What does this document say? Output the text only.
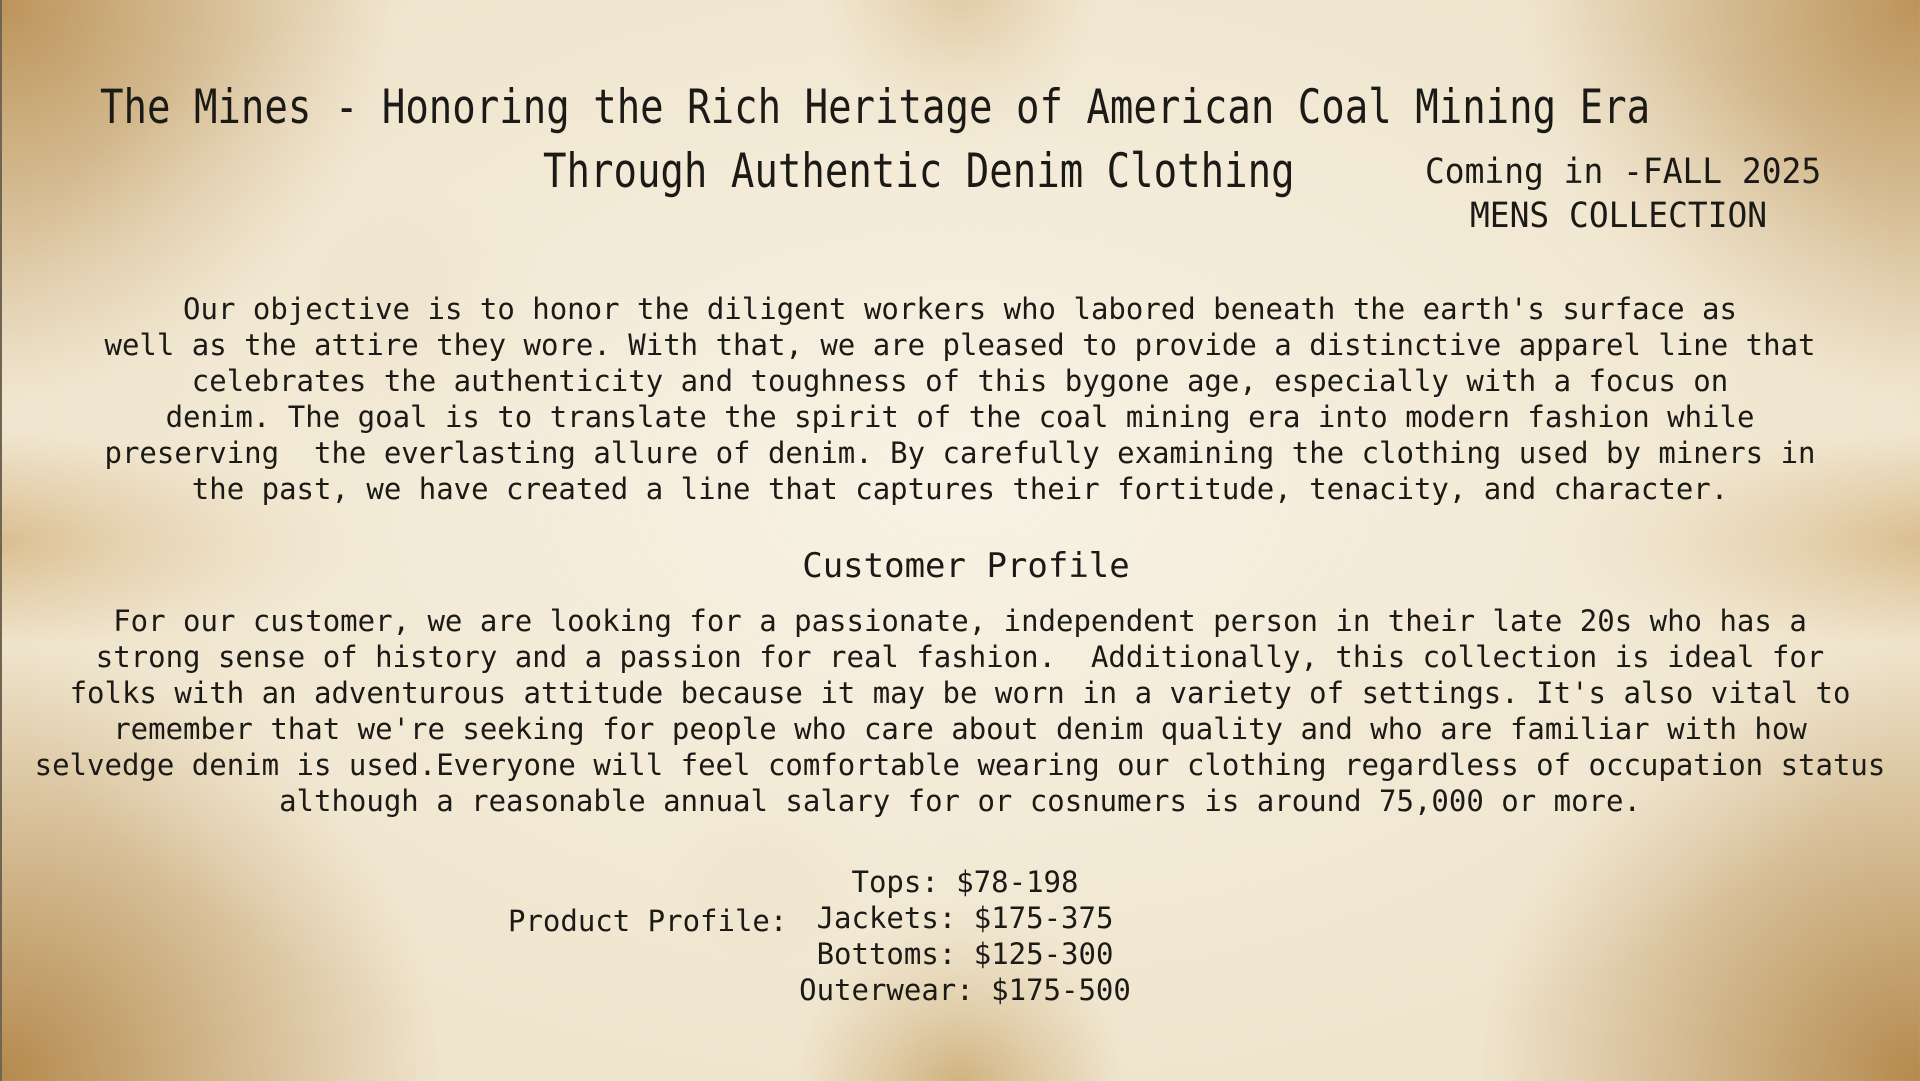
The Mines - Honoring the Rich Heritage of American Coal Mining Era
Through Authentic Denim Clothing	Coming in -FALL 2025
MENS COLLECTION
Our objective is to honor the diligent workers who labored beneath the earth's surface as
well as the attire they wore. With that, we are pleased to provide a distinctive apparel line that
celebrates the authenticity and toughness of this bygone age, especially with a focus on
denim. The goal is to translate the spirit of the coal mining era into modern fashion while
preserving  the everlasting allure of denim. By carefully examining the clothing used by miners in
the past, we have created a line that captures their fortitude, tenacity, and character.
Customer Profile
For our customer, we are looking for a passionate, independent person in their late 20s who has a
strong sense of history and a passion for real fashion.  Additionally, this collection is ideal for
folks with an adventurous attitude because it may be worn in a variety of settings. It's also vital to
remember that we're seeking for people who care about denim quality and who are familiar with how
selvedge denim is used.Everyone will feel comfortable wearing our clothing regardless of occupation status
although a reasonable annual salary for or cosnumers is around 75,000 or more.
Product Profile:
Tops: $78-198
Jackets: $175-375
Bottoms: $125-300
Outerwear: $175-500
